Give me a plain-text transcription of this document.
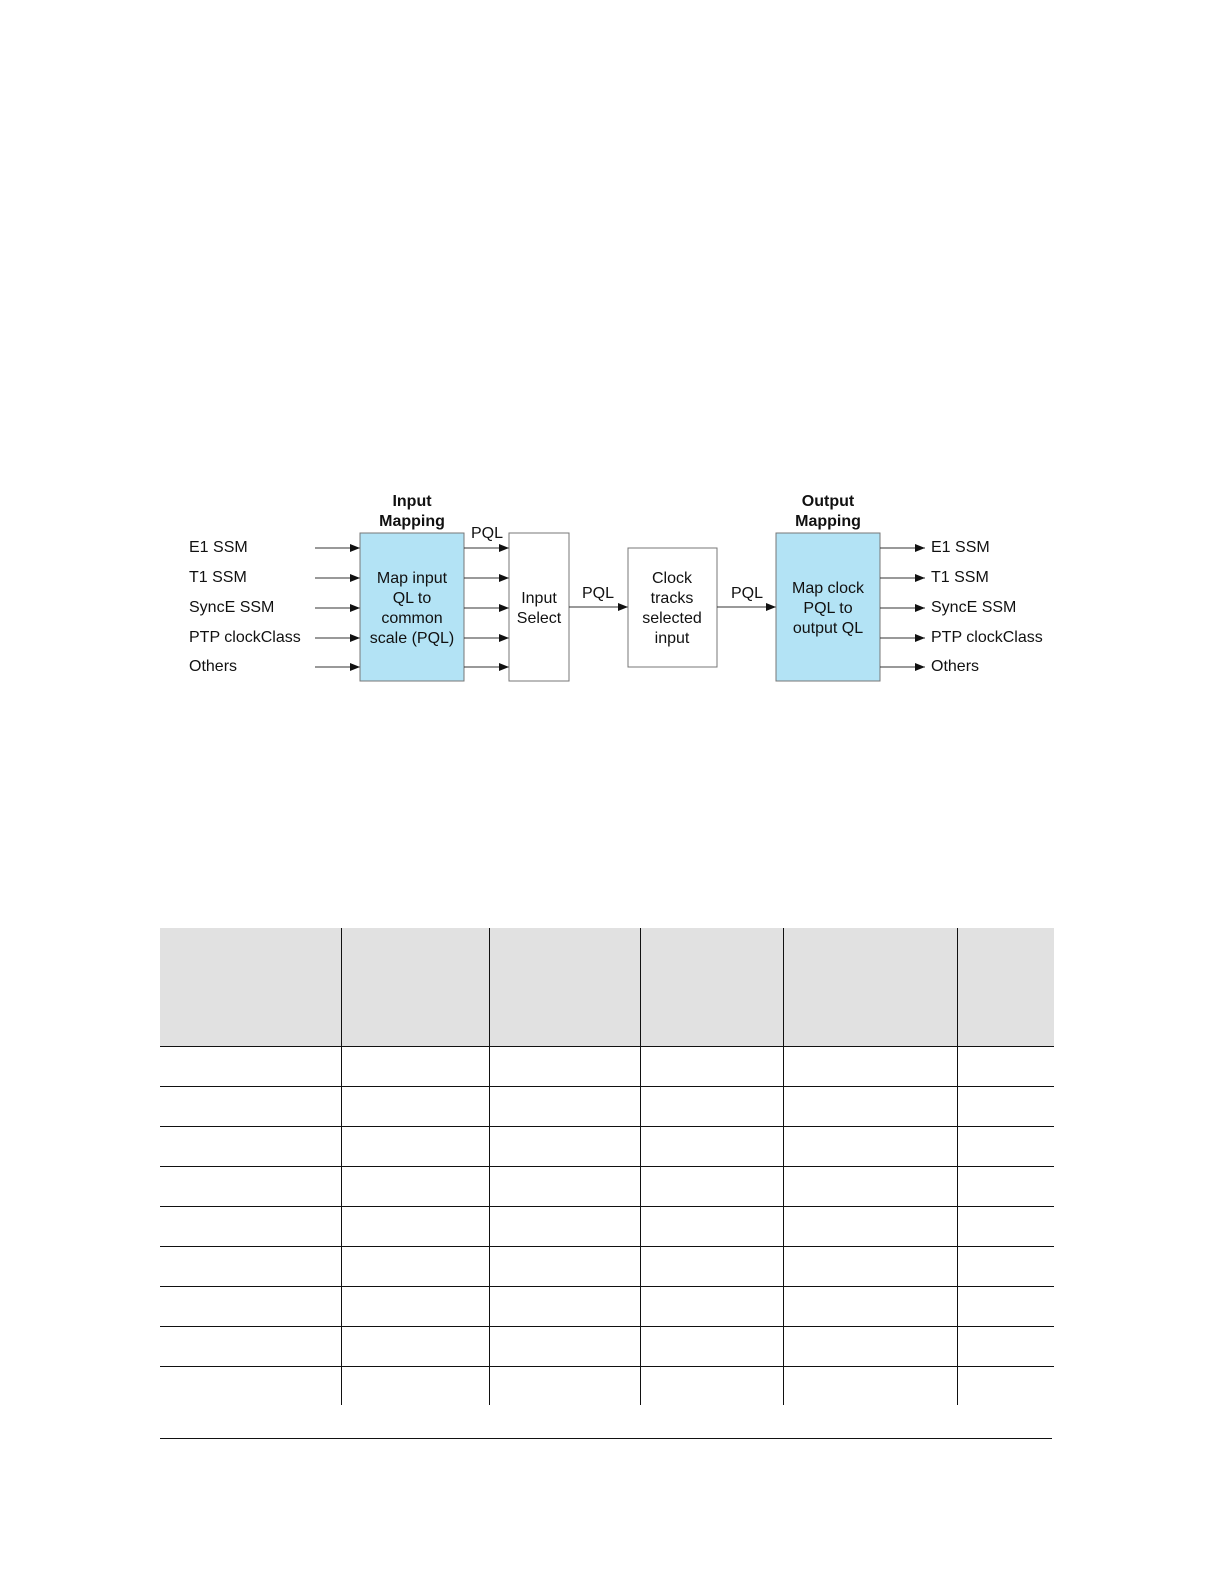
E1 SSM
T1 SSM
SyncE SSM
PTP clockClass
Others
Input
Mapping
Map input
QL to
common
scale (PQL)
PQL
Input
Select
PQL
Clock
tracks
selected
input
PQL
Output
Mapping
Map clock
PQL to
output QL
E1 SSM
T1 SSM
SyncE SSM
PTP clockClass
Others
